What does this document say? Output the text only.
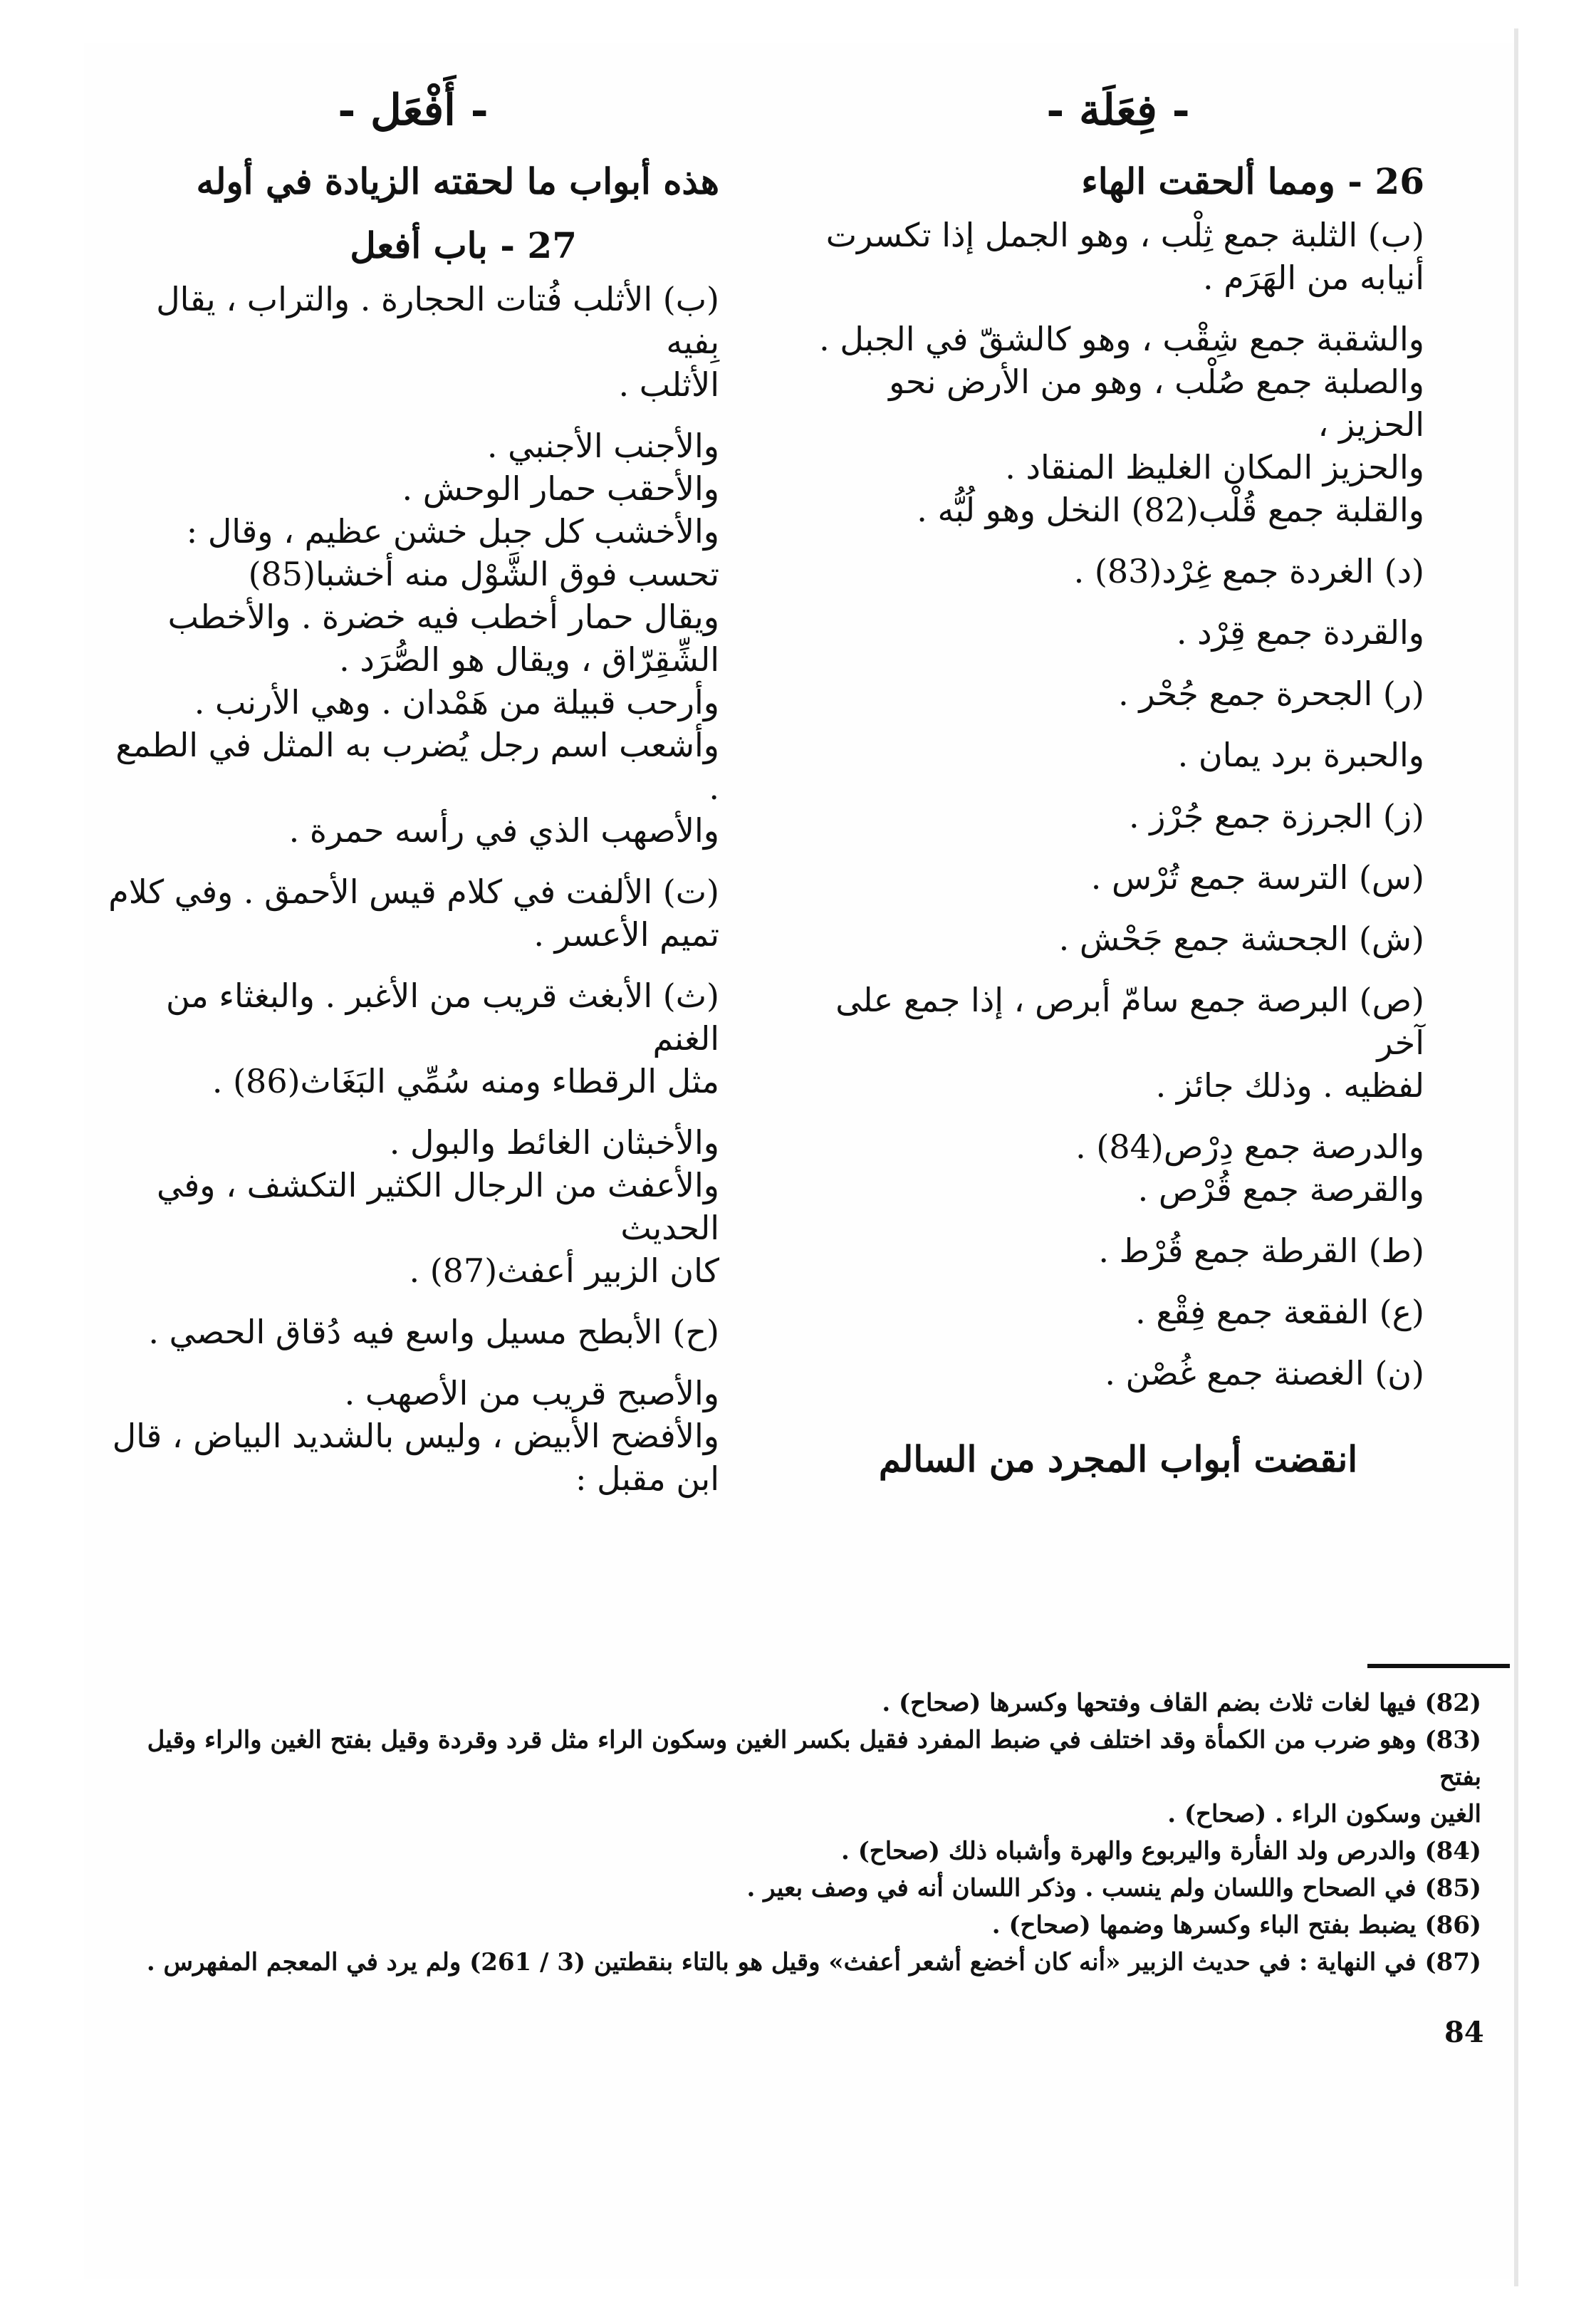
- فِعَلَة -
26 - ومما ألحقت الهاء

(ب) الثلبة جمع ثِلْب ، وهو الجمل إذا تكسرت

أنيابه من الهَرَم .

والشقبة جمع شِقْب ، وهو كالشقّ في الجبل .

والصلبة جمع صُلْب ، وهو من الأرض نحو الحزيز ،

والحزيز المكان الغليظ المنقاد .

والقلبة جمع قُلْب(82) النخل وهو لُبُّه .

(د) الغردة جمع غِرْد(83) .

والقردة جمع قِرْد .

(ر) الجحرة جمع جُحْر .

والحبرة برد يمان .

(ز) الجرزة جمع جُرْز .

(س) الترسة جمع تُرْس .

(ش) الجحشة جمع جَحْش .

(ص) البرصة جمع سامّ أبرص ، إذا جمع على آخر

لفظيه . وذلك جائز .

والدرصة جمع دِرْص(84) .

والقرصة جمع قُرْص .

(ط) القرطة جمع قُرْط .

(ع) الفقعة جمع فِقْع .

(ن) الغصنة جمع غُصْن .

انقضت أبواب المجرد من السالم
- أَفْعَل -
هذه أبواب ما لحقته الزيادة في أوله
27 - باب أفعل

(ب) الأثلب فُتات الحجارة . والتراب ، يقال بِفيه

الأثلب .

والأجنب الأجنبي .

والأحقب حمار الوحش .

والأخشب كل جبل خشن عظيم ، وقال :

تحسب فوق الشَّوْل منه أخشبا(85)

ويقال حمار أخطب فيه خضرة . والأخطب

الشِّقِرّاق ، ويقال هو الصُّرَد .

وأرحب قبيلة من هَمْدان . وهي الأرنب .

وأشعب اسم رجل يُضرب به المثل في الطمع .

والأصهب الذي في رأسه حمرة .

(ت) الألفت في كلام قيس الأحمق . وفي كلام

تميم الأعسر .

(ث) الأبغث قريب من الأغبر . والبغثاء من الغنم

مثل الرقطاء ومنه سُمِّي البَغَاث(86) .

والأخبثان الغائط والبول .

والأعفث من الرجال الكثير التكشف ، وفي الحديث

كان الزبير أعفث(87) .

(ح) الأبطح مسيل واسع فيه دُقاق الحصي .

والأصبح قريب من الأصهب .

والأفضح الأبيض ، وليس بالشديد البياض ، قال

ابن مقبل :

(82) فيها لغات ثلاث بضم القاف وفتحها وكسرها (صحاح) .
(83) وهو ضرب من الكمأة وقد اختلف في ضبط المفرد فقيل بكسر الغين وسكون الراء مثل قرد وقردة وقيل بفتح الغين والراء وقيل بفتح
الغين وسكون الراء . (صحاح) .
(84) والدرص ولد الفأرة واليربوع والهرة وأشباه ذلك (صحاح) .
(85) في الصحاح واللسان ولم ينسب . وذكر اللسان أنه في وصف بعير .
(86) يضبط بفتح الباء وكسرها وضمها (صحاح) .
(87) في النهاية : في حديث الزبير «أنه كان أخضع أشعر أعفث» وقيل هو بالتاء بنقطتين (3 / 261) ولم يرد في المعجم المفهرس .
84
